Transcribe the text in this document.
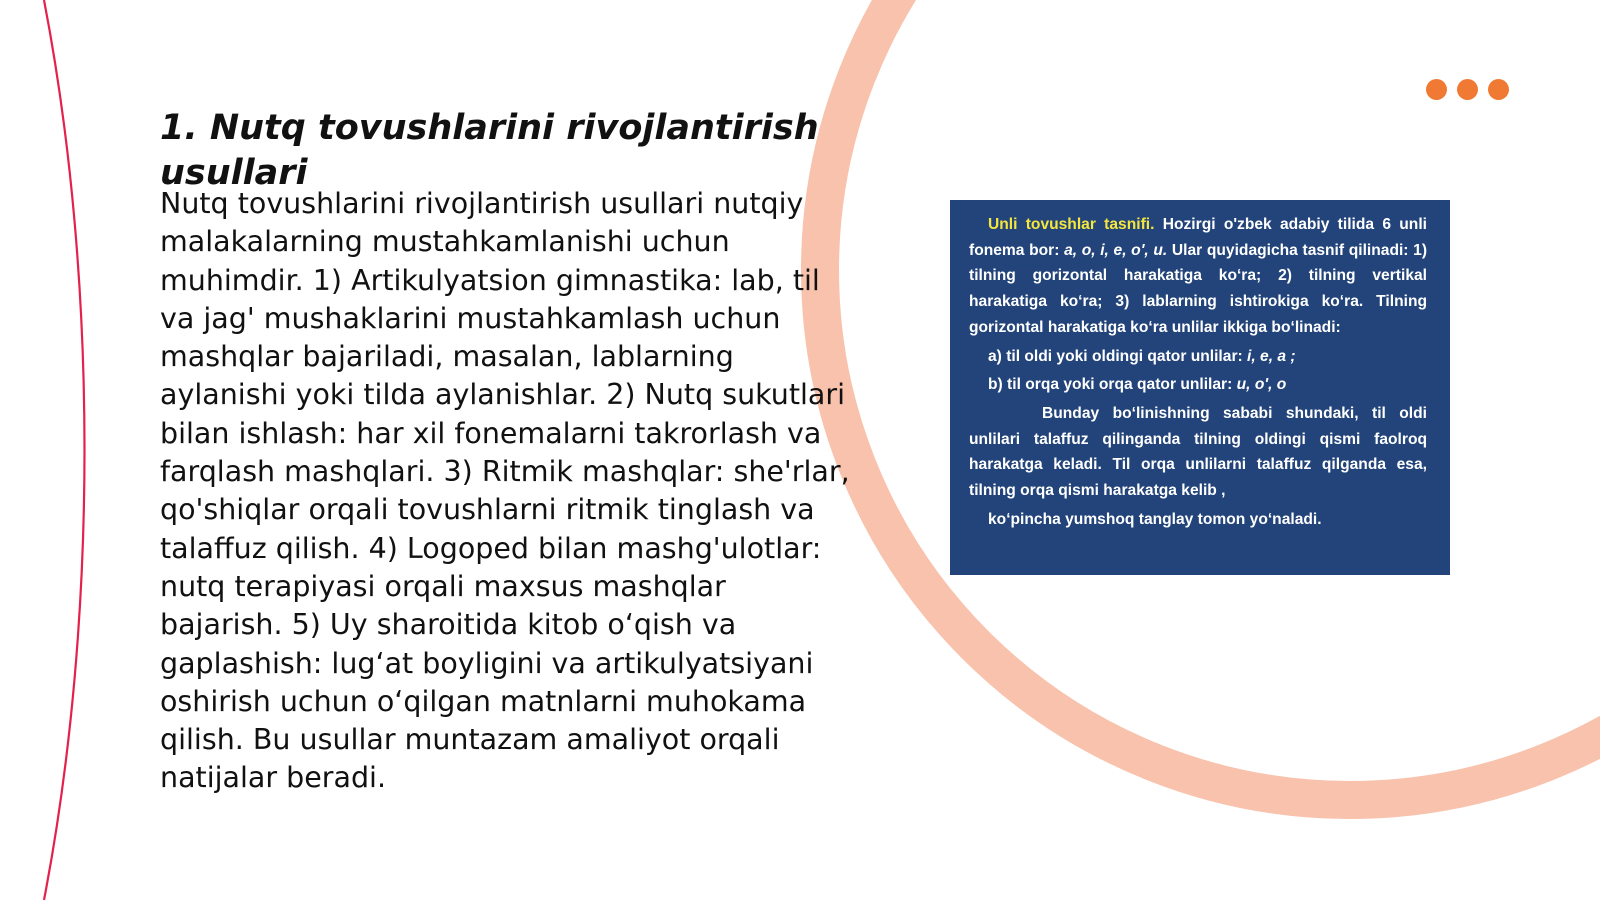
1. Nutq tovushlarini rivojlantirish usullari

Nutq tovushlarini rivojlantirish usullari nutqiy malakalarning mustahkamlanishi uchun muhimdir. 1) Artikulyatsion gimnastika: lab, til va jag' mushaklarini mustahkamlash uchun mashqlar bajariladi, masalan, lablarning aylanishi yoki tilda aylanishlar. 2) Nutq sukutlari bilan ishlash: har xil fonemalarni takrorlash va farqlash mashqlari. 3) Ritmik mashqlar: she'rlar, qo'shiqlar orqali tovushlarni ritmik tinglash va talaffuz qilish. 4) Logoped bilan mashg'ulotlar: nutq terapiyasi orqali maxsus mashqlar bajarish. 5) Uy sharoitida kitob o‘qish va gaplashish: lug‘at boyligini va artikulyatsiyani oshirish uchun o‘qilgan matnlarni muhokama qilish. Bu usullar muntazam amaliyot orqali natijalar beradi.

Unli tovushlar tasnifi. Hozirgi o'zbek adabiy tilida 6 unli fonema bor: a, o, i, e, o', u. Ular quyidagicha tasnif qilinadi: 1) tilning gorizontal harakatiga ko‘ra; 2) tilning vertikal harakatiga ko‘ra; 3) lablarning ishtirokiga ko‘ra. Tilning gorizontal harakatiga ko‘ra unlilar ikkiga bo‘linadi:

a) til oldi yoki oldingi qator unlilar: i, e, a ;

b) til orqa yoki orqa qator unlilar: u, o', o

Bunday bo‘linishning sababi shundaki, til oldi unlilari talaffuz qilinganda tilning oldingi qismi faolroq harakatga keladi. Til orqa unlilarni talaffuz qilganda esa, tilning orqa qismi harakatga kelib ,

ko‘pincha yumshoq tanglay tomon yo‘naladi.
